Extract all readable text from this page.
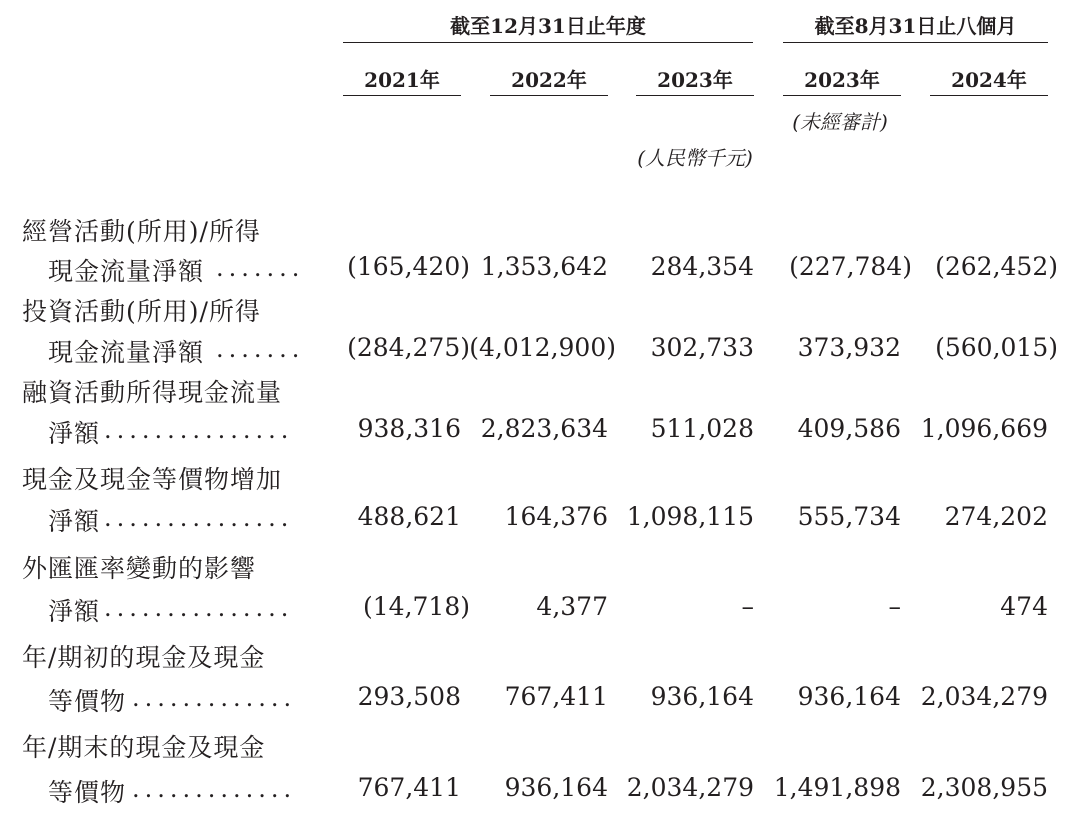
截至12月31日止年度	截至8月31日止八個月
2021年	2022年	2023年	2023年	2024年
(未經審計)
(人民幣千元)
經營活動(所用)/所得
現金流量淨額 .......	(165,420) 1,353,642	284,354	(227,784) (262,452)
投資活動(所用)/所得
現金流量淨額 .......	(284,275) (4,012,900)	302,733	373,932	(560,015)
融資活動所得現金流量
淨額 ...............	938,316 2,823,634	511,028	409,586 1,096,669
現金及現金等價物增加
淨額 ...............	488,621	164,376 1,098,115	555,734	274,202
外匯匯率變動的影響
淨額 ...............	(14,718)	4,377	–	–	474
年/期初的現金及現金
等價物 .............	293,508	767,411	936,164	936,164 2,034,279
年/期末的現金及現金
等價物 .............	767,411	936,164 2,034,279 1,491,898 2,308,955
